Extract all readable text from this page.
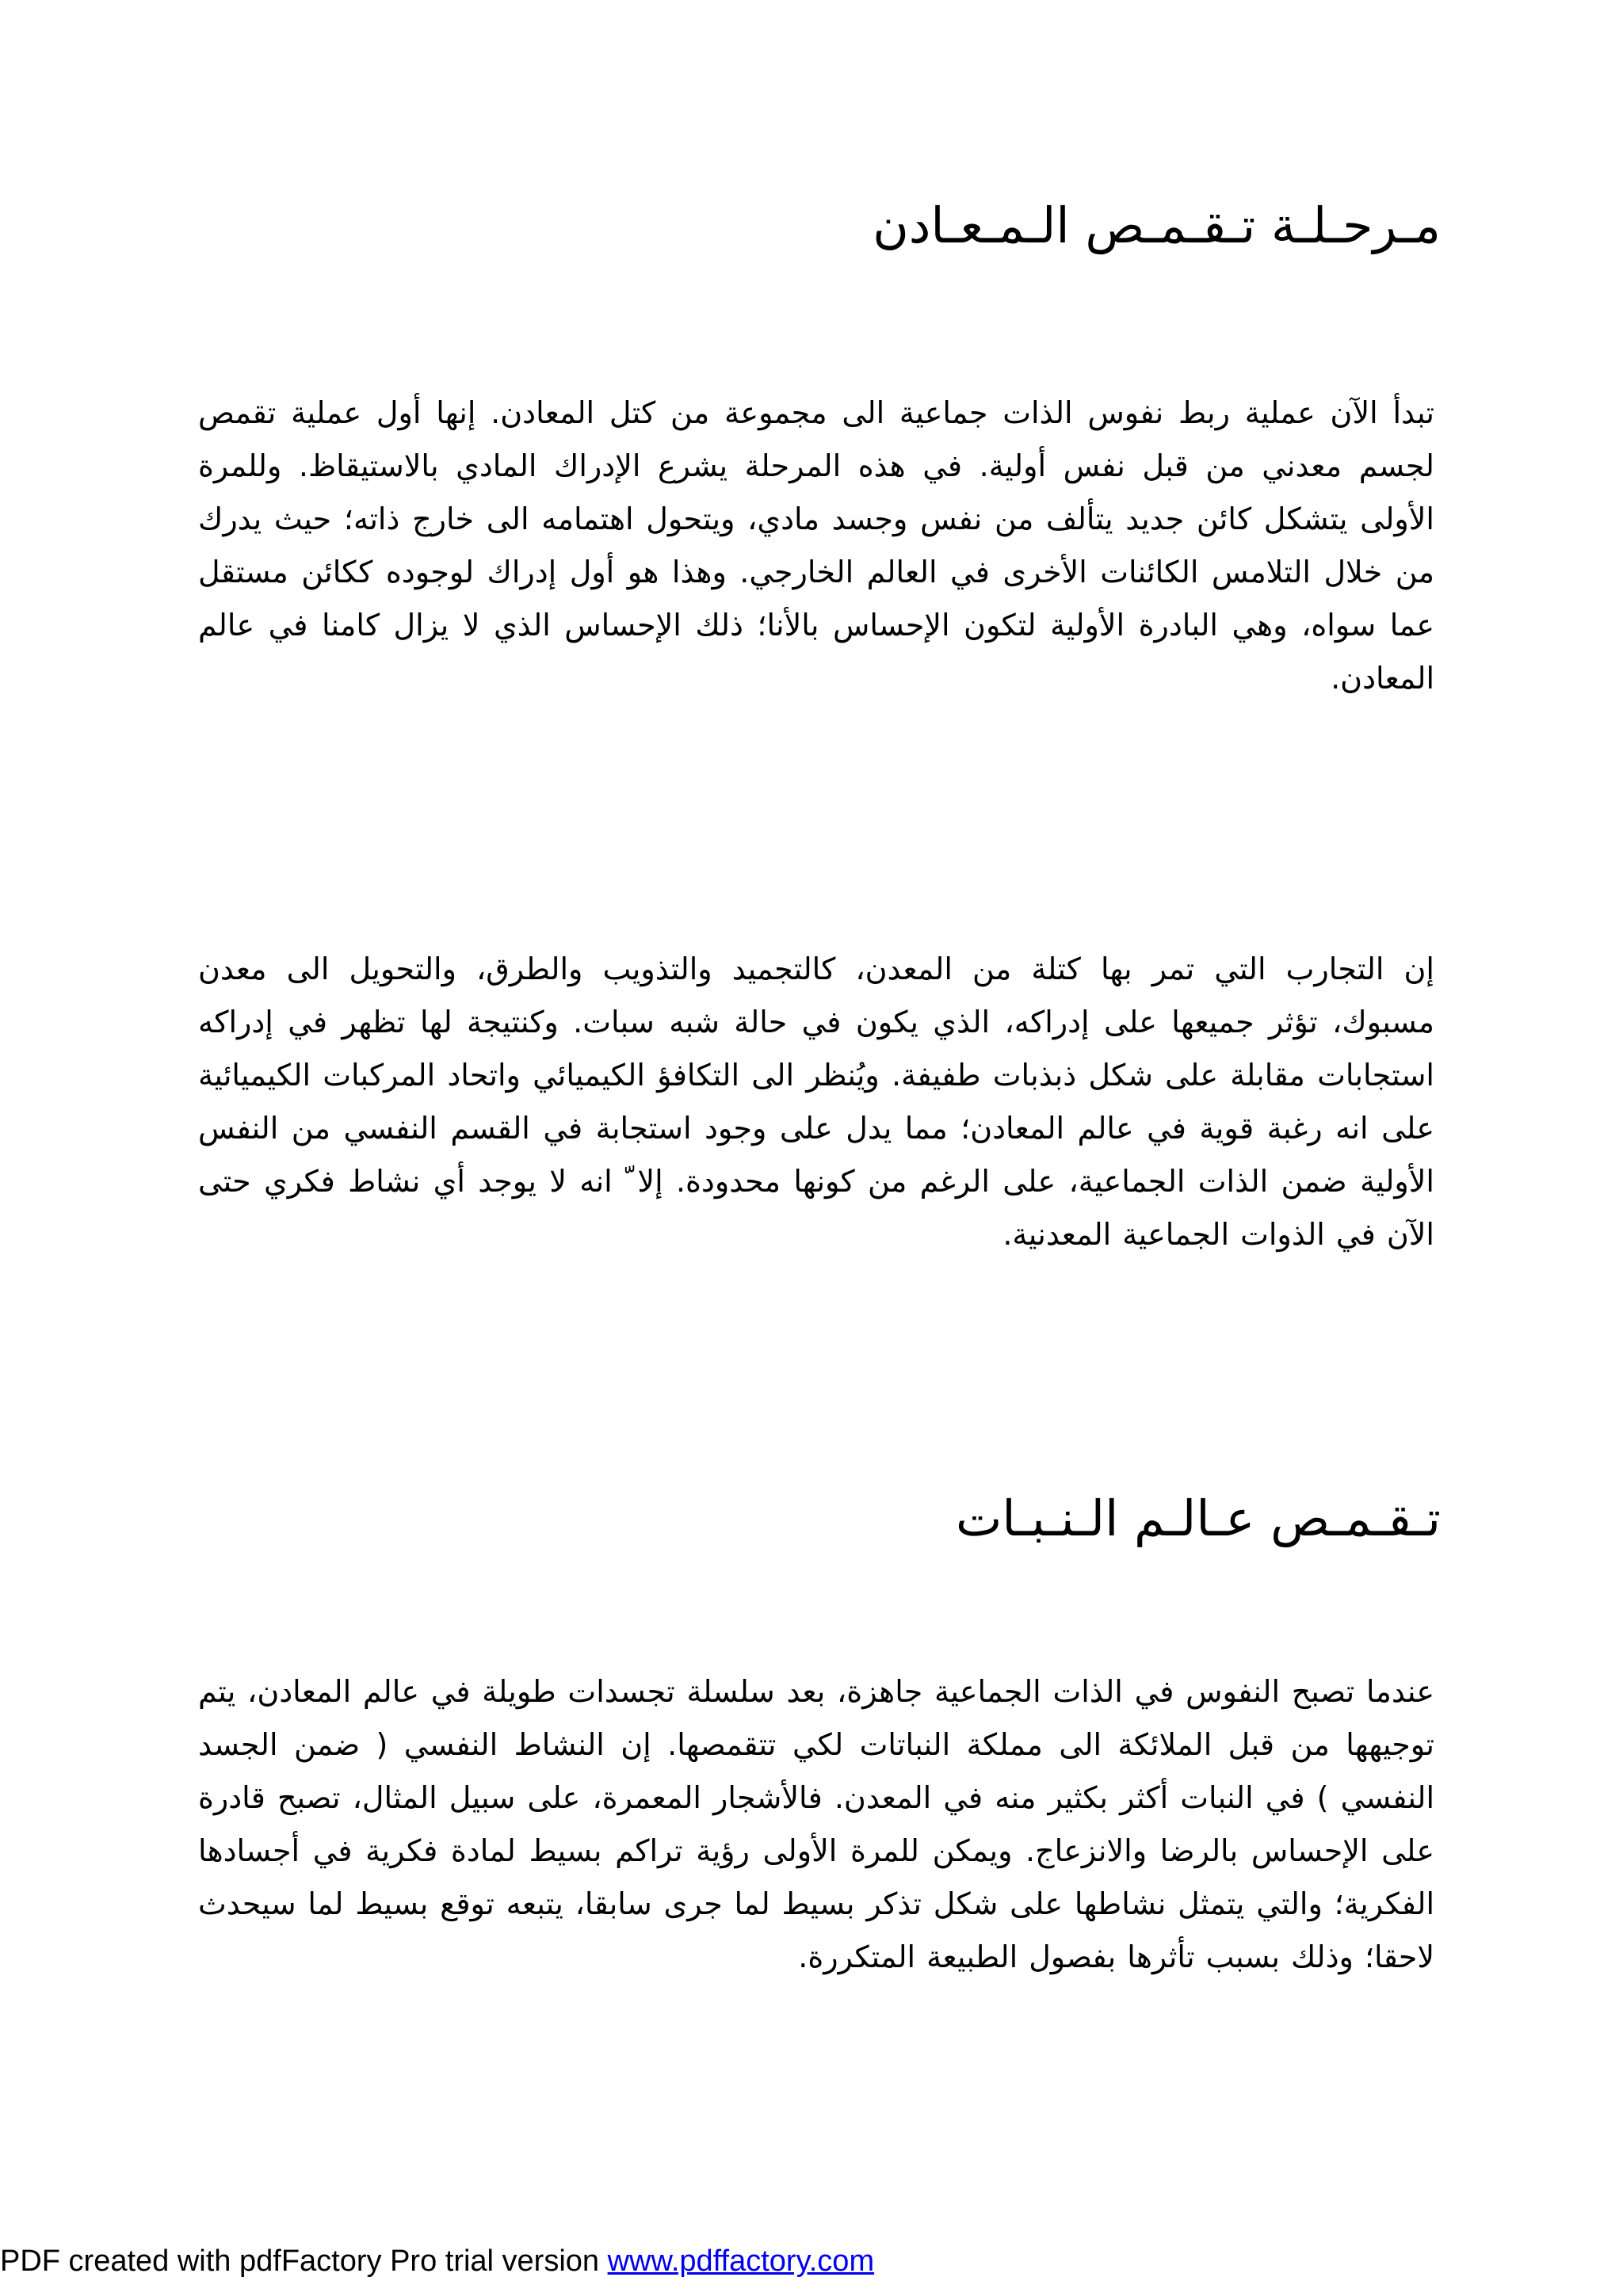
مـرحـلـة تـقـمـص الـمـعـادن
تبدأ الآن عملية ربط نفوس الذات جماعية الى مجموعة من كتل المعادن. إنها أول عملية تقمص لجسم معدني من قبل نفس أولية. في هذه المرحلة يشرع الإدراك المادي بالاستيقاظ. وللمرة الأولى يتشكل كائن جديد يتألف من نفس وجسد مادي، ويتحول اهتمامه الى خارج ذاته؛ حيث يدرك من خلال التلامس الكائنات الأخرى في العالم الخارجي. وهذا هو أول إدراك لوجوده ككائن مستقل عما سواه، وهي البادرة الأولية لتكون الإحساس بالأنا؛ ذلك الإحساس الذي لا يزال كامنا في عالم المعادن.
إن التجارب التي تمر بها كتلة من المعدن، كالتجميد والتذويب والطرق، والتحويل الى معدن مسبوك، تؤثر جميعها على إدراكه، الذي يكون في حالة شبه سبات. وكنتيجة لها تظهر في إدراكه استجابات مقابلة على شكل ذبذبات طفيفة. ويُنظر الى التكافؤ الكيميائي واتحاد المركبات الكيميائية على انه رغبة قوية في عالم المعادن؛ مما يدل على وجود استجابة في القسم النفسي من النفس الأولية ضمن الذات الجماعية، على الرغم من كونها محدودة. إلا ّ انه لا يوجد أي نشاط فكري حتى الآن في الذوات الجماعية المعدنية.
تـقـمـص عـالـم الـنـبـات
عندما تصبح النفوس في الذات الجماعية جاهزة، بعد سلسلة تجسدات طويلة في عالم المعادن، يتم توجيهها من قبل الملائكة الى مملكة النباتات لكي تتقمصها. إن النشاط النفسي ( ضمن الجسد النفسي ) في النبات أكثر بكثير منه في المعدن. فالأشجار المعمرة، على سبيل المثال، تصبح قادرة على الإحساس بالرضا والانزعاج. ويمكن للمرة الأولى رؤية تراكم بسيط لمادة فكرية في أجسادها الفكرية؛ والتي يتمثل نشاطها على شكل تذكر بسيط لما جرى سابقا، يتبعه توقع بسيط لما سيحدث لاحقا؛ وذلك بسبب تأثرها بفصول الطبيعة المتكررة.
PDF created with pdfFactory Pro trial version www.pdffactory.com
